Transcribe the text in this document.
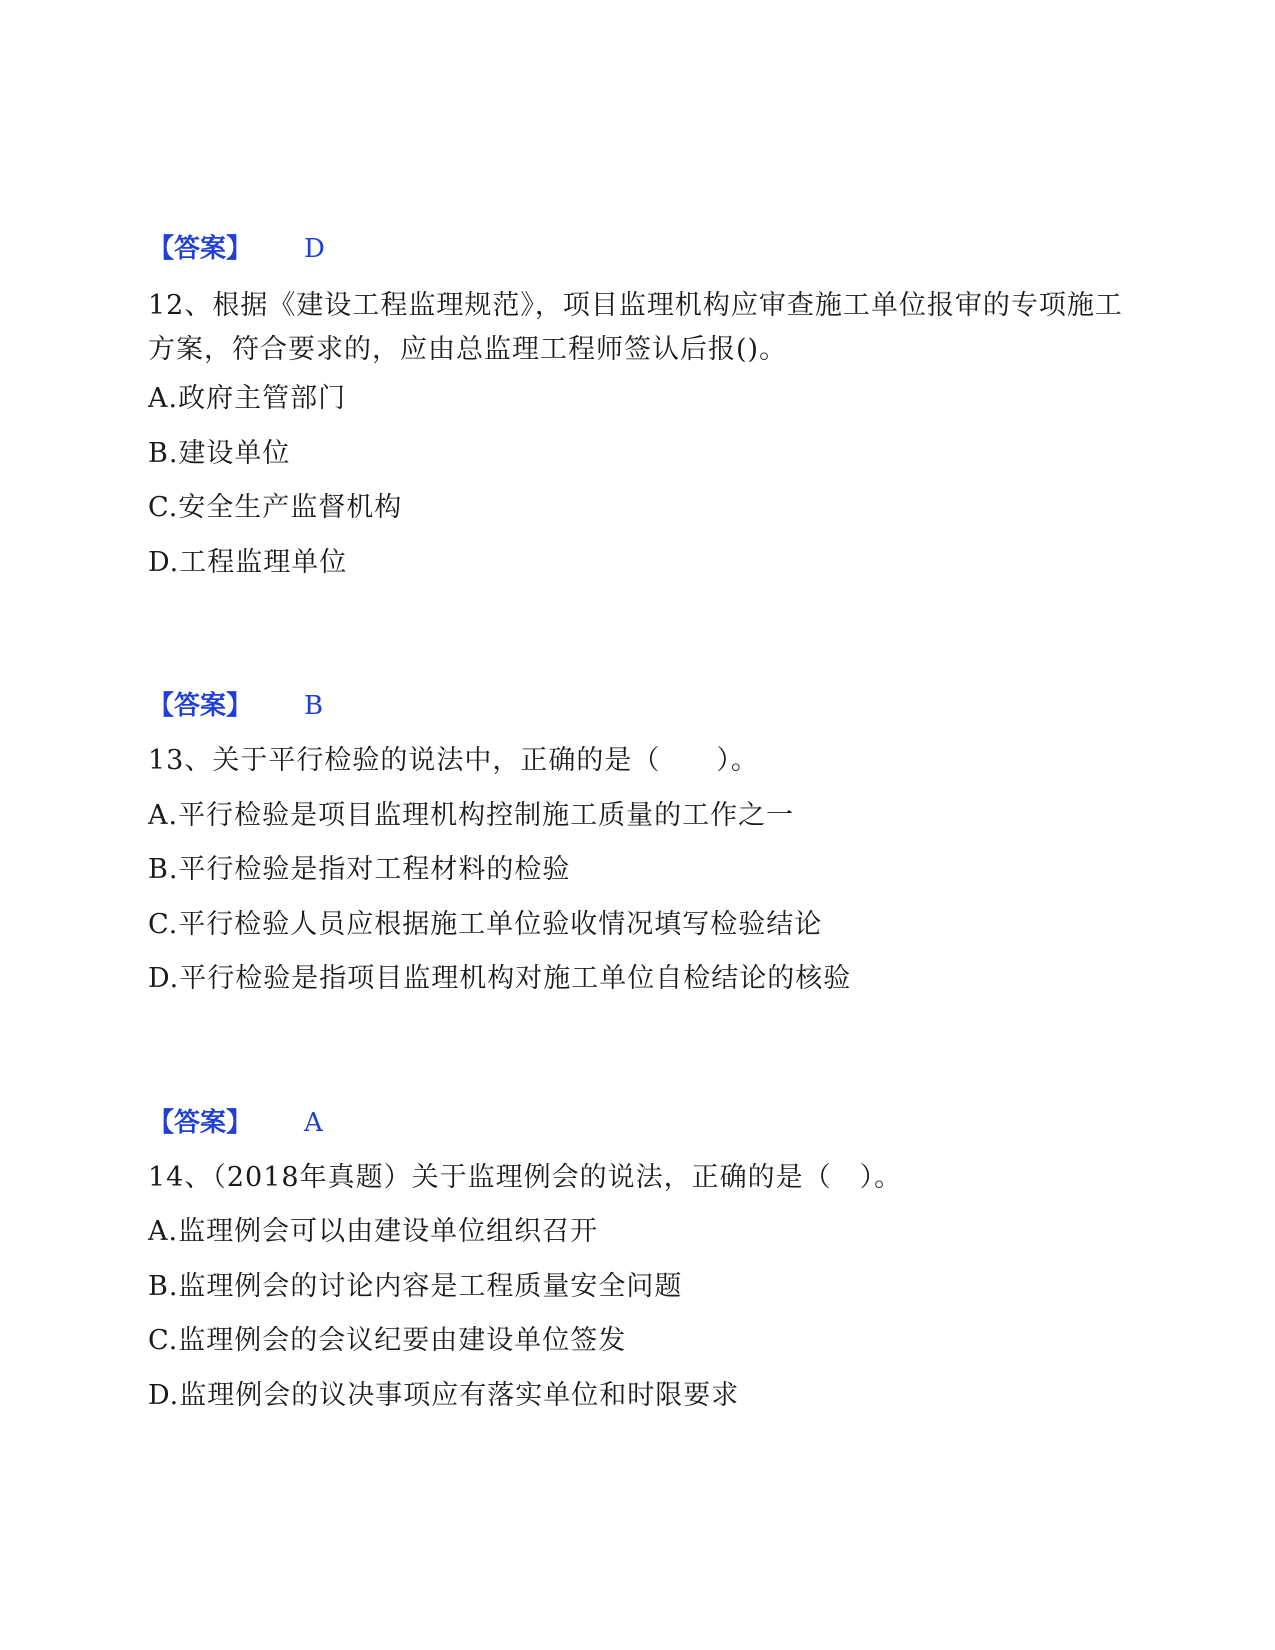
【答案】 D

12、根据《建设工程监理规范》，项目监理机构应审查施工单位报审的专项施工方案，符合要求的，应由总监理工程师签认后报()。

A.政府主管部门

B.建设单位

C.安全生产监督机构

D.工程监理单位

【答案】 B

13、关于平行检验的说法中，正确的是（　　）。

A.平行检验是项目监理机构控制施工质量的工作之一

B.平行检验是指对工程材料的检验

C.平行检验人员应根据施工单位验收情况填写检验结论

D.平行检验是指项目监理机构对施工单位自检结论的核验

【答案】 A

14、（2018年真题）关于监理例会的说法，正确的是（　）。

A.监理例会可以由建设单位组织召开

B.监理例会的讨论内容是工程质量安全问题

C.监理例会的会议纪要由建设单位签发

D.监理例会的议决事项应有落实单位和时限要求
